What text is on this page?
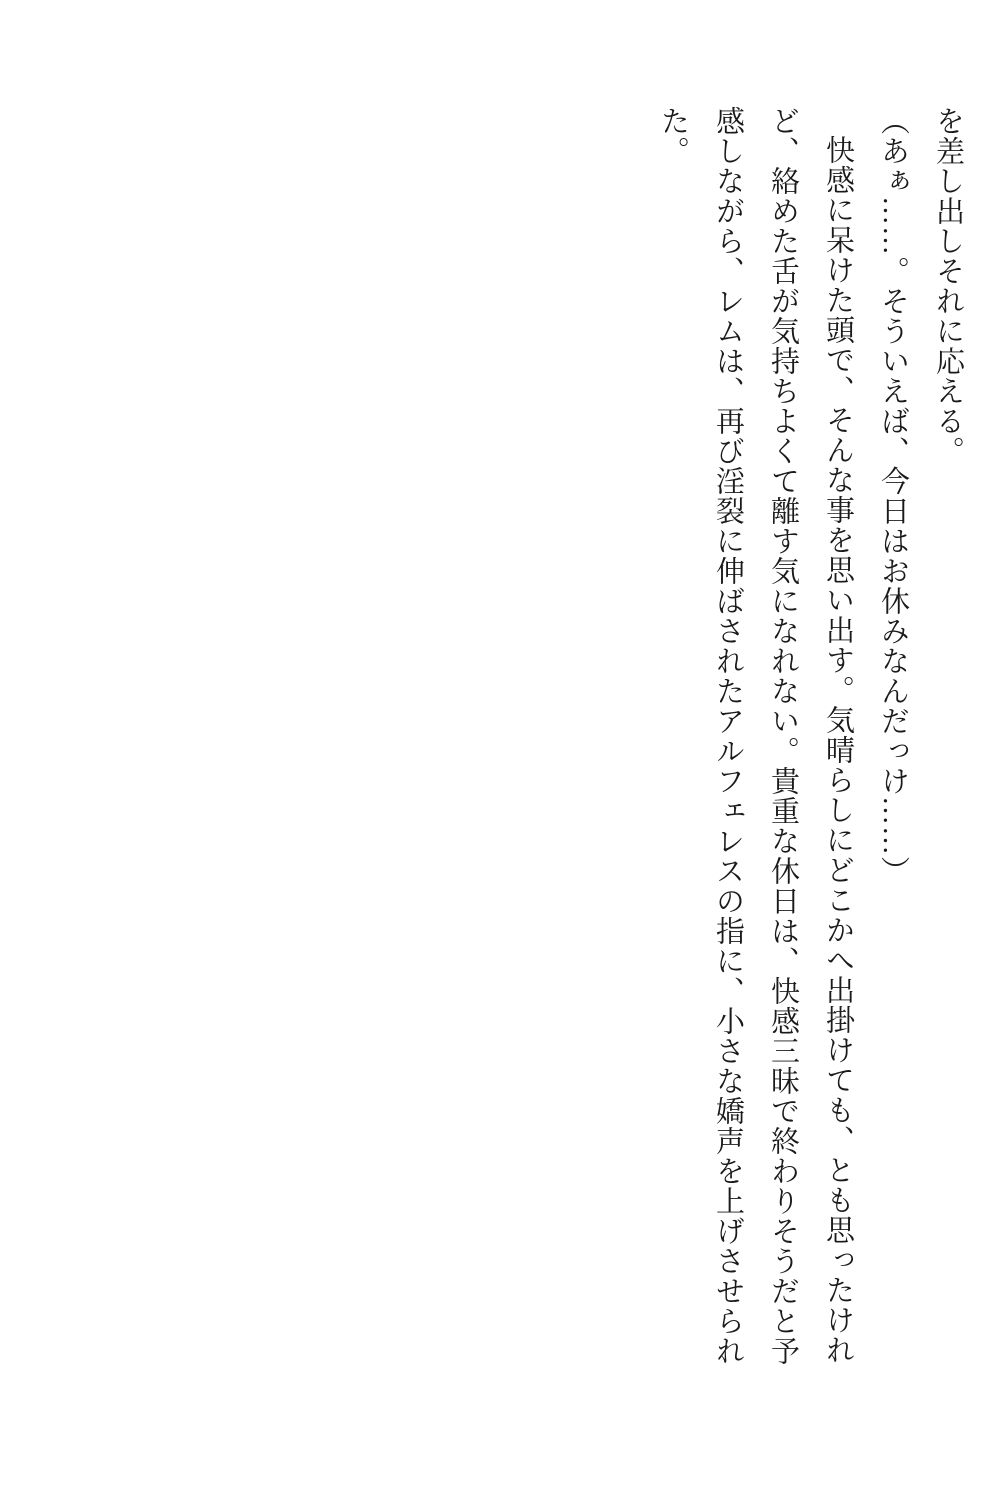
を差し出しそれに応える。

（あぁ……。そういえば、今日はお休みなんだっけ……）

快感に呆けた頭で、そんな事を思い出す。気晴らしにどこかへ出掛けても、とも思ったけれど、絡めた舌が気持ちよくて離す気になれない。貴重な休日は、快感三昧で終わりそうだと予感しながら、レムは、再び淫裂に伸ばされたアルフェレスの指に、小さな嬌声を上げさせられた。
